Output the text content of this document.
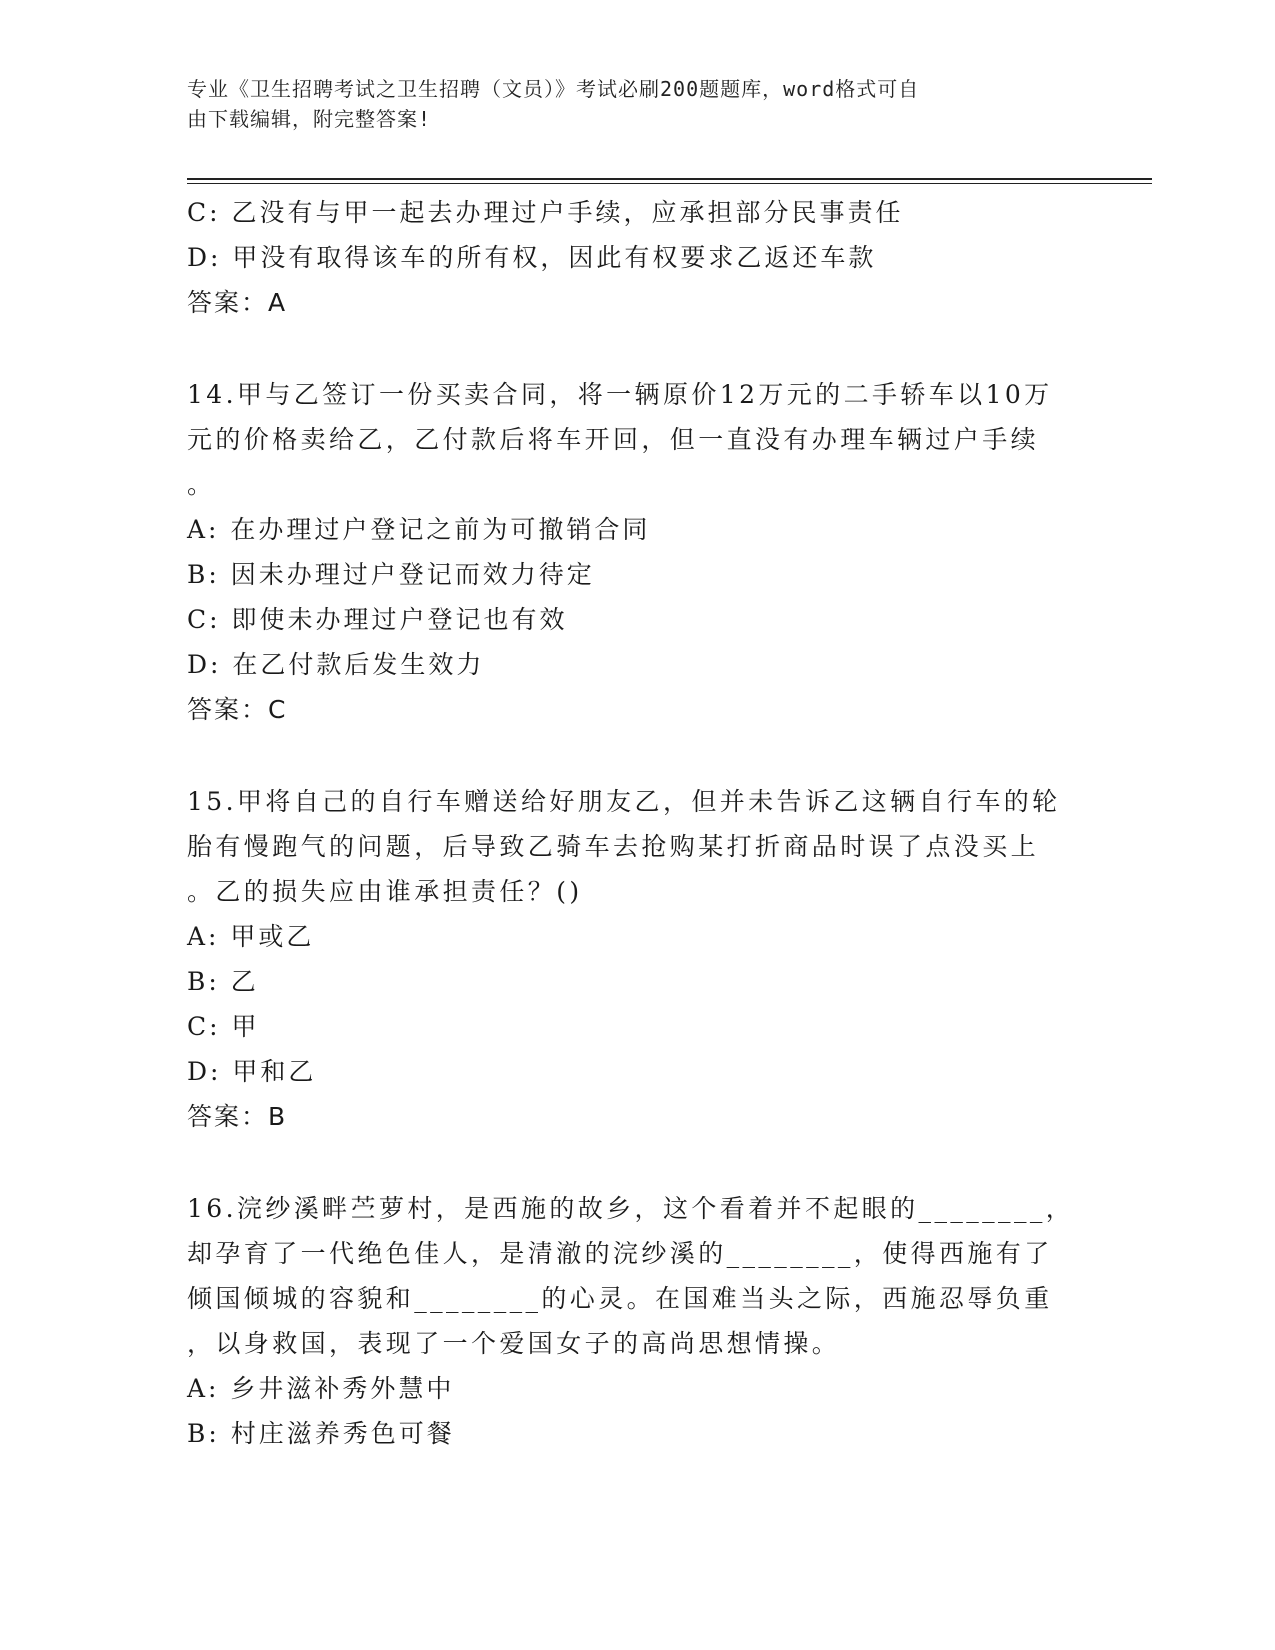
专业《卫生招聘考试之卫生招聘（文员）》考试必刷200题题库，word格式可自
由下载编辑，附完整答案!
C: 乙没有与甲一起去办理过户手续，应承担部分民事责任
D: 甲没有取得该车的所有权，因此有权要求乙返还车款
答案：A
14.甲与乙签订一份买卖合同，将一辆原价12万元的二手轿车以10万
元的价格卖给乙，乙付款后将车开回，但一直没有办理车辆过户手续
。
A: 在办理过户登记之前为可撤销合同
B: 因未办理过户登记而效力待定
C: 即使未办理过户登记也有效
D: 在乙付款后发生效力
答案：C
15.甲将自己的自行车赠送给好朋友乙，但并未告诉乙这辆自行车的轮
胎有慢跑气的问题，后导致乙骑车去抢购某打折商品时误了点没买上
。乙的损失应由谁承担责任？()
A: 甲或乙
B: 乙
C: 甲
D: 甲和乙
答案：B
16.浣纱溪畔苎萝村，是西施的故乡，这个看着并不起眼的________，
却孕育了一代绝色佳人，是清澈的浣纱溪的________，使得西施有了
倾国倾城的容貌和________的心灵。在国难当头之际，西施忍辱负重
，以身救国，表现了一个爱国女子的高尚思想情操。
A: 乡井滋补秀外慧中
B: 村庄滋养秀色可餐
